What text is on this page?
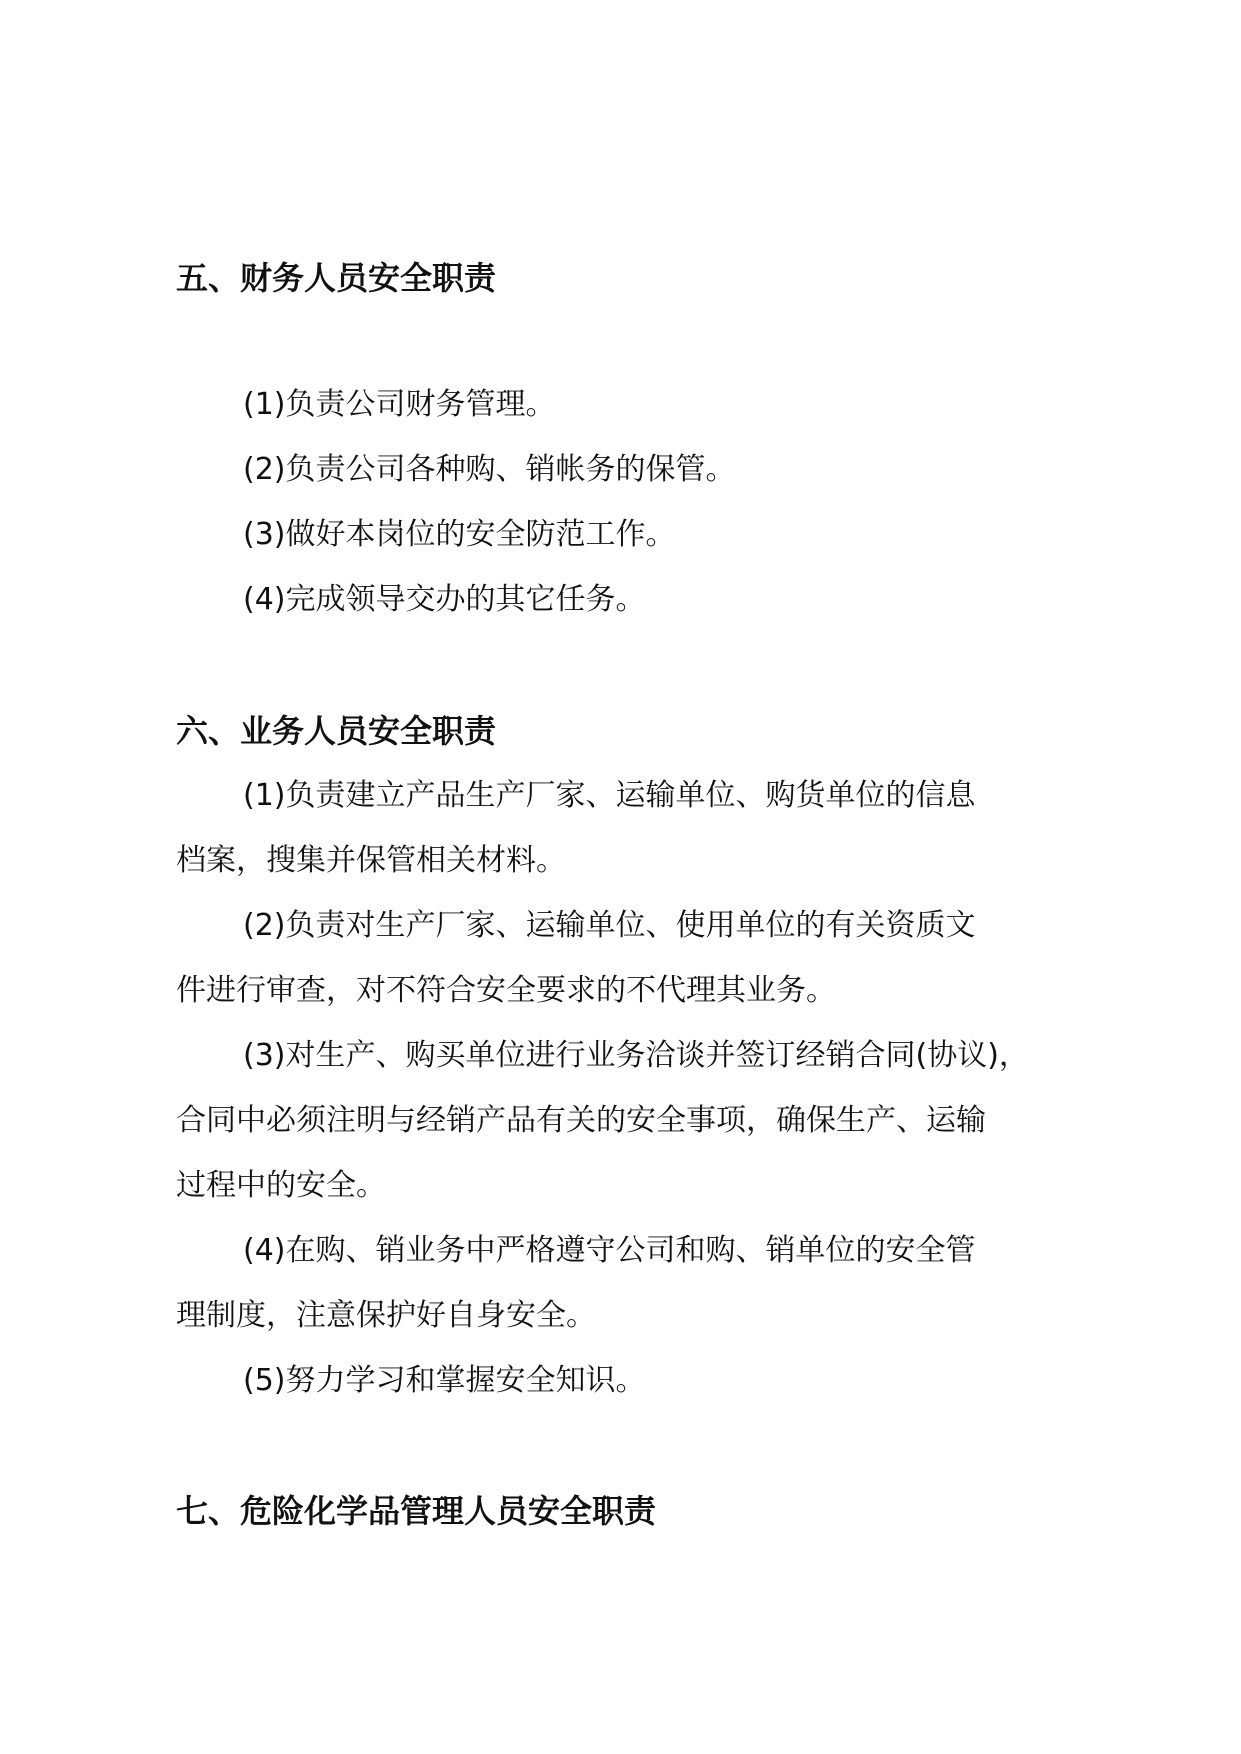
五、财务人员安全职责
(1)负责公司财务管理。
(2)负责公司各种购、销帐务的保管。
(3)做好本岗位的安全防范工作。
(4)完成领导交办的其它任务。
六、业务人员安全职责
(1)负责建立产品生产厂家、运输单位、购货单位的信息
档案，搜集并保管相关材料。
(2)负责对生产厂家、运输单位、使用单位的有关资质文
件进行审查，对不符合安全要求的不代理其业务。
(3)对生产、购买单位进行业务洽谈并签订经销合同(协议)，
合同中必须注明与经销产品有关的安全事项，确保生产、运输
过程中的安全。
(4)在购、销业务中严格遵守公司和购、销单位的安全管
理制度，注意保护好自身安全。
(5)努力学习和掌握安全知识。
七、危险化学品管理人员安全职责
